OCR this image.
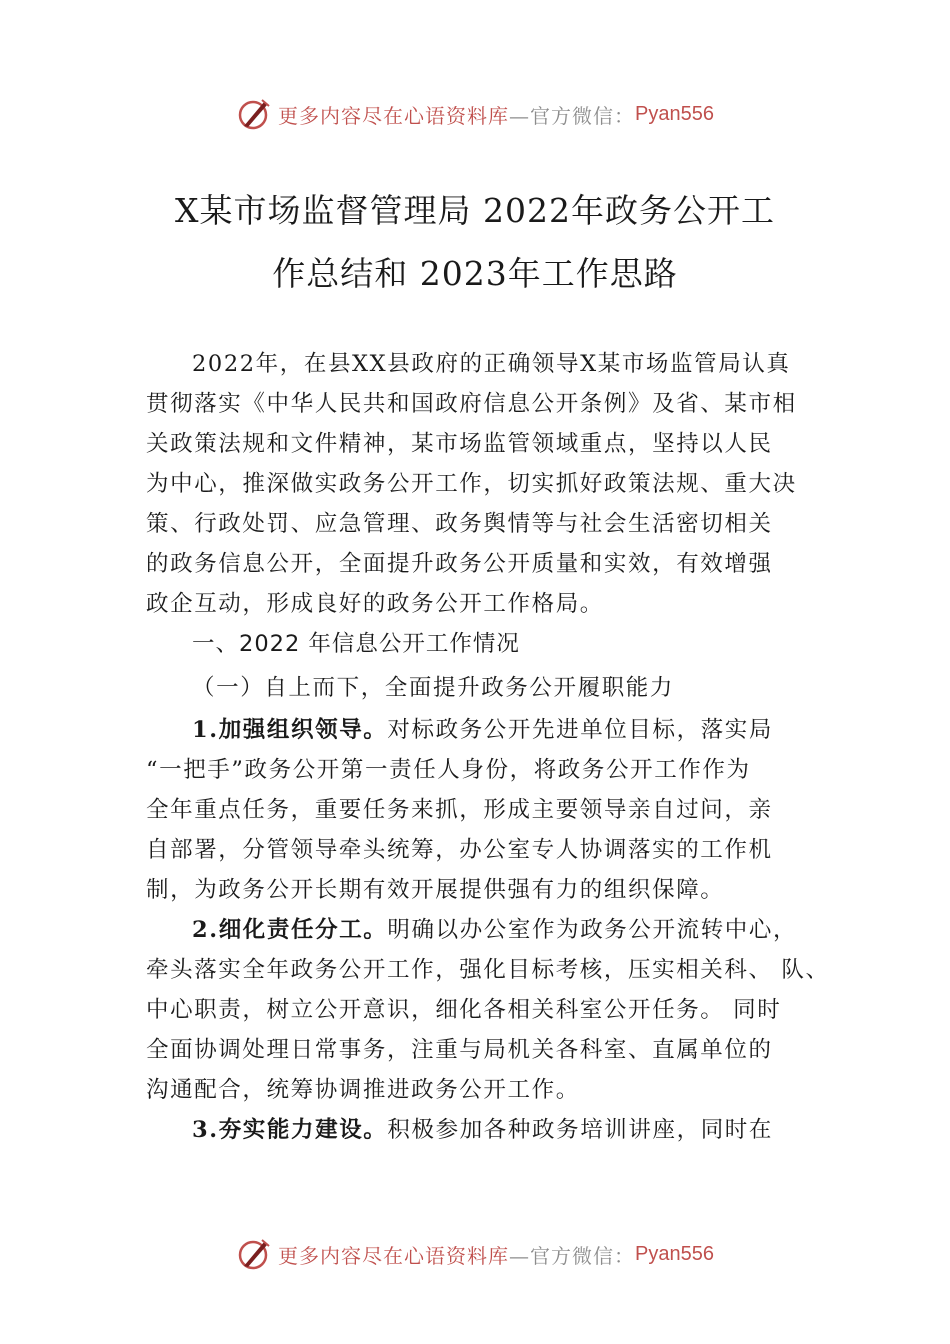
更多内容尽在心语资料库 —官方微信： Pyan556
X某市场监督管理局 2022年政务公开工
作总结和 2023年工作思路
2022年，在县XX县政府的正确领导X某市场监管局认真
贯彻落实《中华人民共和国政府信息公开条例》及省、某市相
关政策法规和文件精神，某市场监管领域重点，坚持以人民
为中心，推深做实政务公开工作，切实抓好政策法规、重大决
策、行政处罚、应急管理、政务舆情等与社会生活密切相关
的政务信息公开，全面提升政务公开质量和实效，有效增强
政企互动，形成良好的政务公开工作格局。
一、2022 年信息公开工作情况
（一）自上而下，全面提升政务公开履职能力
1.加强组织领导。对标政务公开先进单位目标，落实局
“一把手”政务公开第一责任人身份，将政务公开工作作为
全年重点任务，重要任务来抓，形成主要领导亲自过问，亲
自部署，分管领导牵头统筹，办公室专人协调落实的工作机
制，为政务公开长期有效开展提供强有力的组织保障。
2.细化责任分工。明确以办公室作为政务公开流转中心，
牵头落实全年政务公开工作，强化目标考核，压实相关科、 队、
中心职责，树立公开意识，细化各相关科室公开任务。 同时
全面协调处理日常事务，注重与局机关各科室、直属单位的
沟通配合，统筹协调推进政务公开工作。
3.夯实能力建设。积极参加各种政务培训讲座，同时在
更多内容尽在心语资料库 —官方微信： Pyan556
